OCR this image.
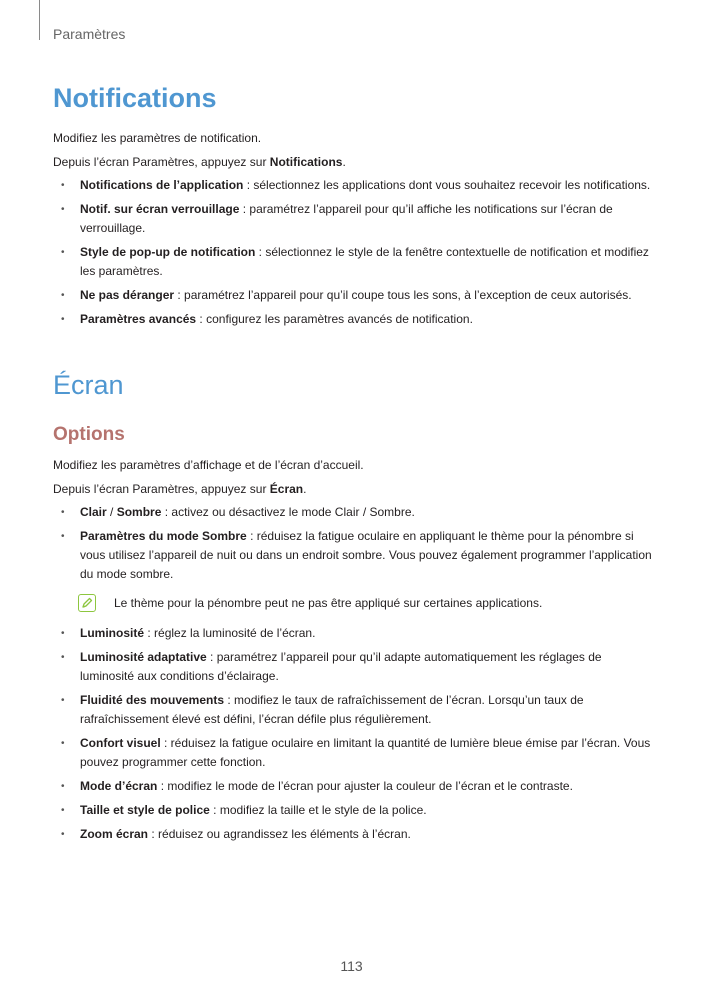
Paramètres
Notifications

Modifiez les paramètres de notification.

Depuis l’écran Paramètres, appuyez sur Notifications.

• Notifications de l’application : sélectionnez les applications dont vous souhaitez recevoir les notifications.
• Notif. sur écran verrouillage : paramétrez l’appareil pour qu’il affiche les notifications sur l’écran de verrouillage.
• Style de pop-up de notification : sélectionnez le style de la fenêtre contextuelle de notification et modifiez les paramètres.
• Ne pas déranger : paramétrez l’appareil pour qu’il coupe tous les sons, à l’exception de ceux autorisés.
• Paramètres avancés : configurez les paramètres avancés de notification.
Écran
Options

Modifiez les paramètres d’affichage et de l’écran d’accueil.

Depuis l’écran Paramètres, appuyez sur Écran.

• Clair / Sombre : activez ou désactivez le mode Clair / Sombre.
• Paramètres du mode Sombre : réduisez la fatigue oculaire en appliquant le thème pour la pénombre si vous utilisez l’appareil de nuit ou dans un endroit sombre. Vous pouvez également programmer l’application du mode sombre.
Le thème pour la pénombre peut ne pas être appliqué sur certaines applications.
• Luminosité : réglez la luminosité de l’écran.
• Luminosité adaptative : paramétrez l’appareil pour qu’il adapte automatiquement les réglages de luminosité aux conditions d’éclairage.
• Fluidité des mouvements : modifiez le taux de rafraîchissement de l’écran. Lorsqu’un taux de rafraîchissement élevé est défini, l’écran défile plus régulièrement.
• Confort visuel : réduisez la fatigue oculaire en limitant la quantité de lumière bleue émise par l’écran. Vous pouvez programmer cette fonction.
• Mode d’écran : modifiez le mode de l’écran pour ajuster la couleur de l’écran et le contraste.
• Taille et style de police : modifiez la taille et le style de la police.
• Zoom écran : réduisez ou agrandissez les éléments à l’écran.
113
